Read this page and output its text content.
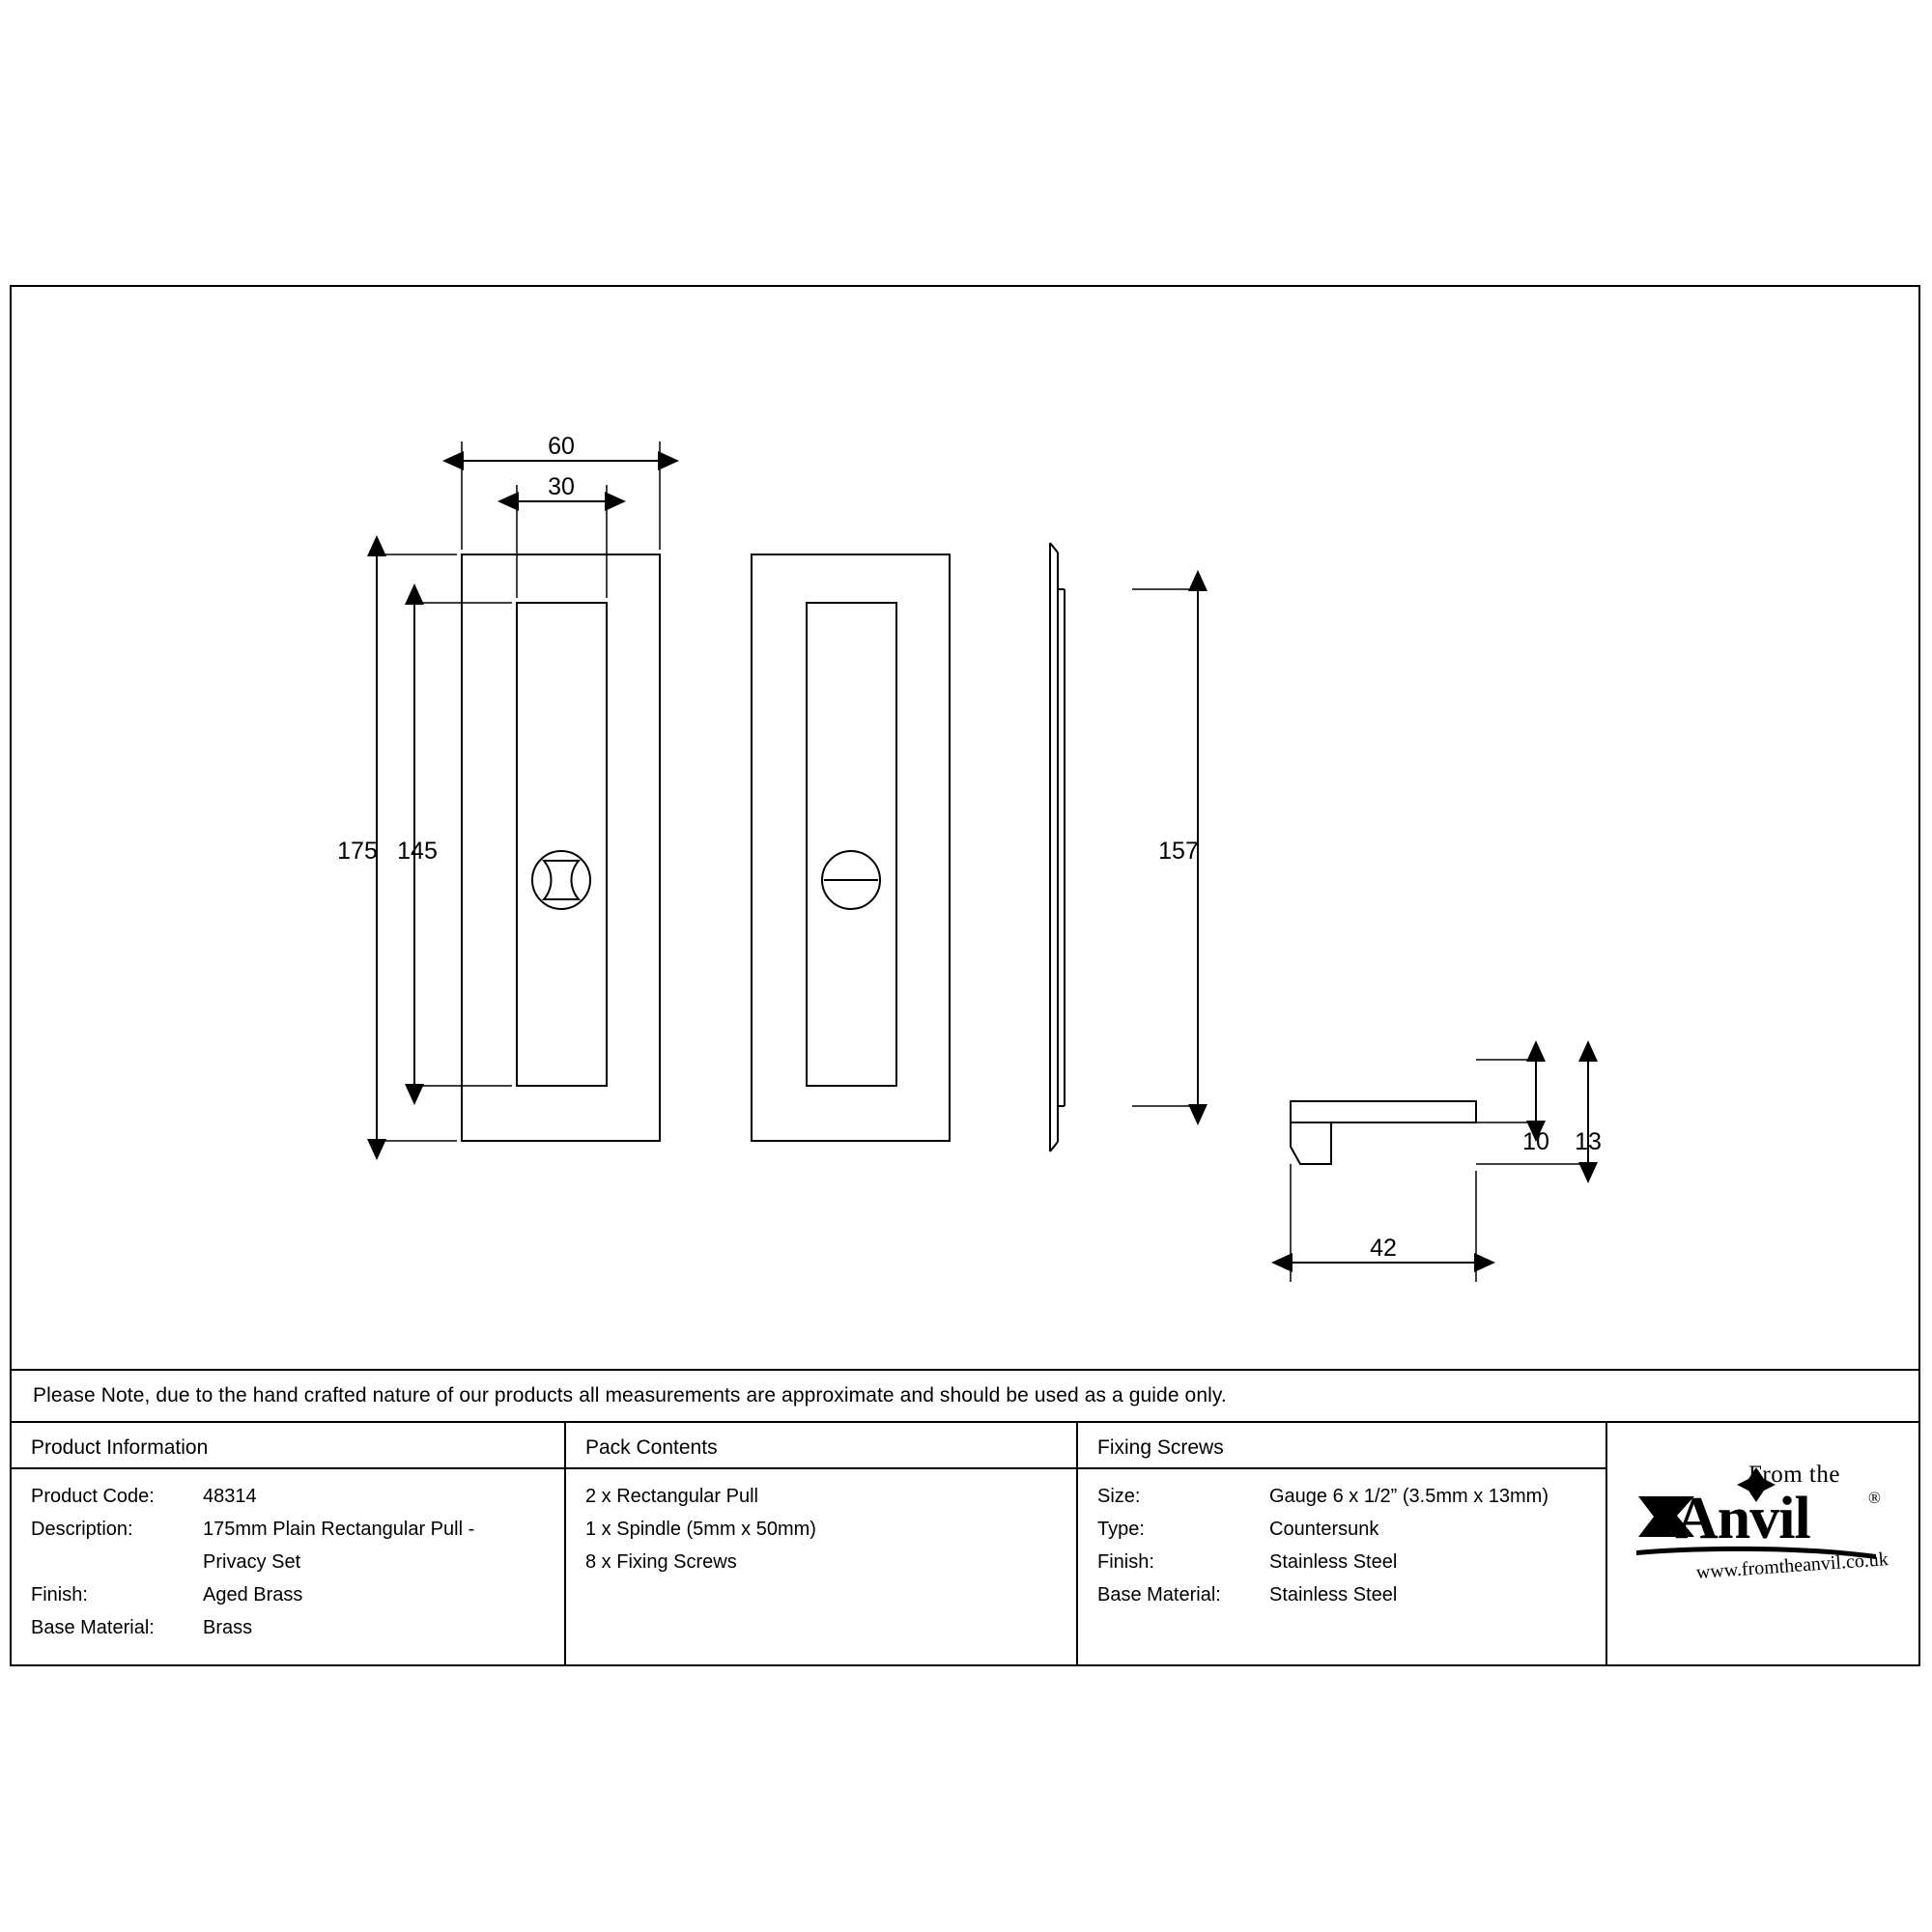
60
30
175 145	157
10 13
42
Please Note, due to the hand crafted nature of our products all measurements are approximate and should be used as a guide only.
Product Information
Product Code:	48314
Description:	175mm Plain Rectangular Pull -
Privacy Set
Finish:	Aged Brass
Base Material:	Brass
Pack Contents
2 x Rectangular Pull
1 x Spindle (5mm x 50mm)
8 x Fixing Screws
Fixing Screws
Size:	Gauge 6 x 1/2” (3.5mm x 13mm)
Type:	Countersunk
Finish:	Stainless Steel
Base Material:	Stainless Steel
From the
Anvil	®
www.fromtheanvil.co.uk
